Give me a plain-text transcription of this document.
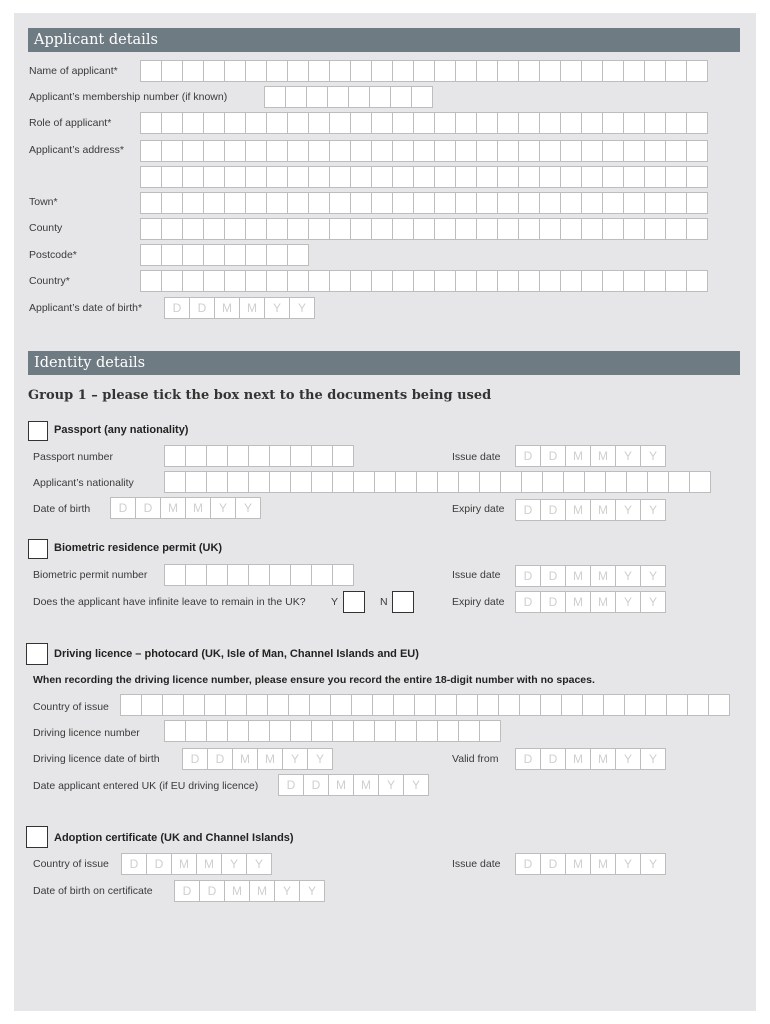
Applicant details
Name of applicant*
Applicant’s membership number (if known)
Role of applicant*
Applicant’s address*
Town*
County
Postcode*
Country*
Applicant’s date of birth*	D	D	M	M	Y	Y
Identity details
Group 1 – please tick the box next to the documents being used
Passport (any nationality)
Passport number	Issue date	D	D	M	M	Y	Y
Applicant’s nationality
Date of birth	D	D	M	M	Y	Y	Expiry date	D	D	M	M	Y	Y
Biometric residence permit (UK)
Biometric permit number	Issue date	D	D	M	M	Y	Y
Does the applicant have infinite leave to remain in the UK? Y	N	Expiry date	D	D	M	M	Y	Y
Driving licence – photocard (UK, Isle of Man, Channel Islands and EU)
When recording the driving licence number, please ensure you record the entire 18-digit number with no spaces.
Country of issue
Driving licence number
Driving licence date of birth	D	D	M	M	Y	Y	Valid from	D	D	M	M	Y	Y
Date applicant entered UK (if EU driving licence)	D	D	M	M	Y	Y
Adoption certificate (UK and Channel Islands)
Country of issue	D	D	M	M	Y	Y	Issue date	D	D	M	M	Y	Y
Date of birth on certificate	D	D	M	M	Y	Y
